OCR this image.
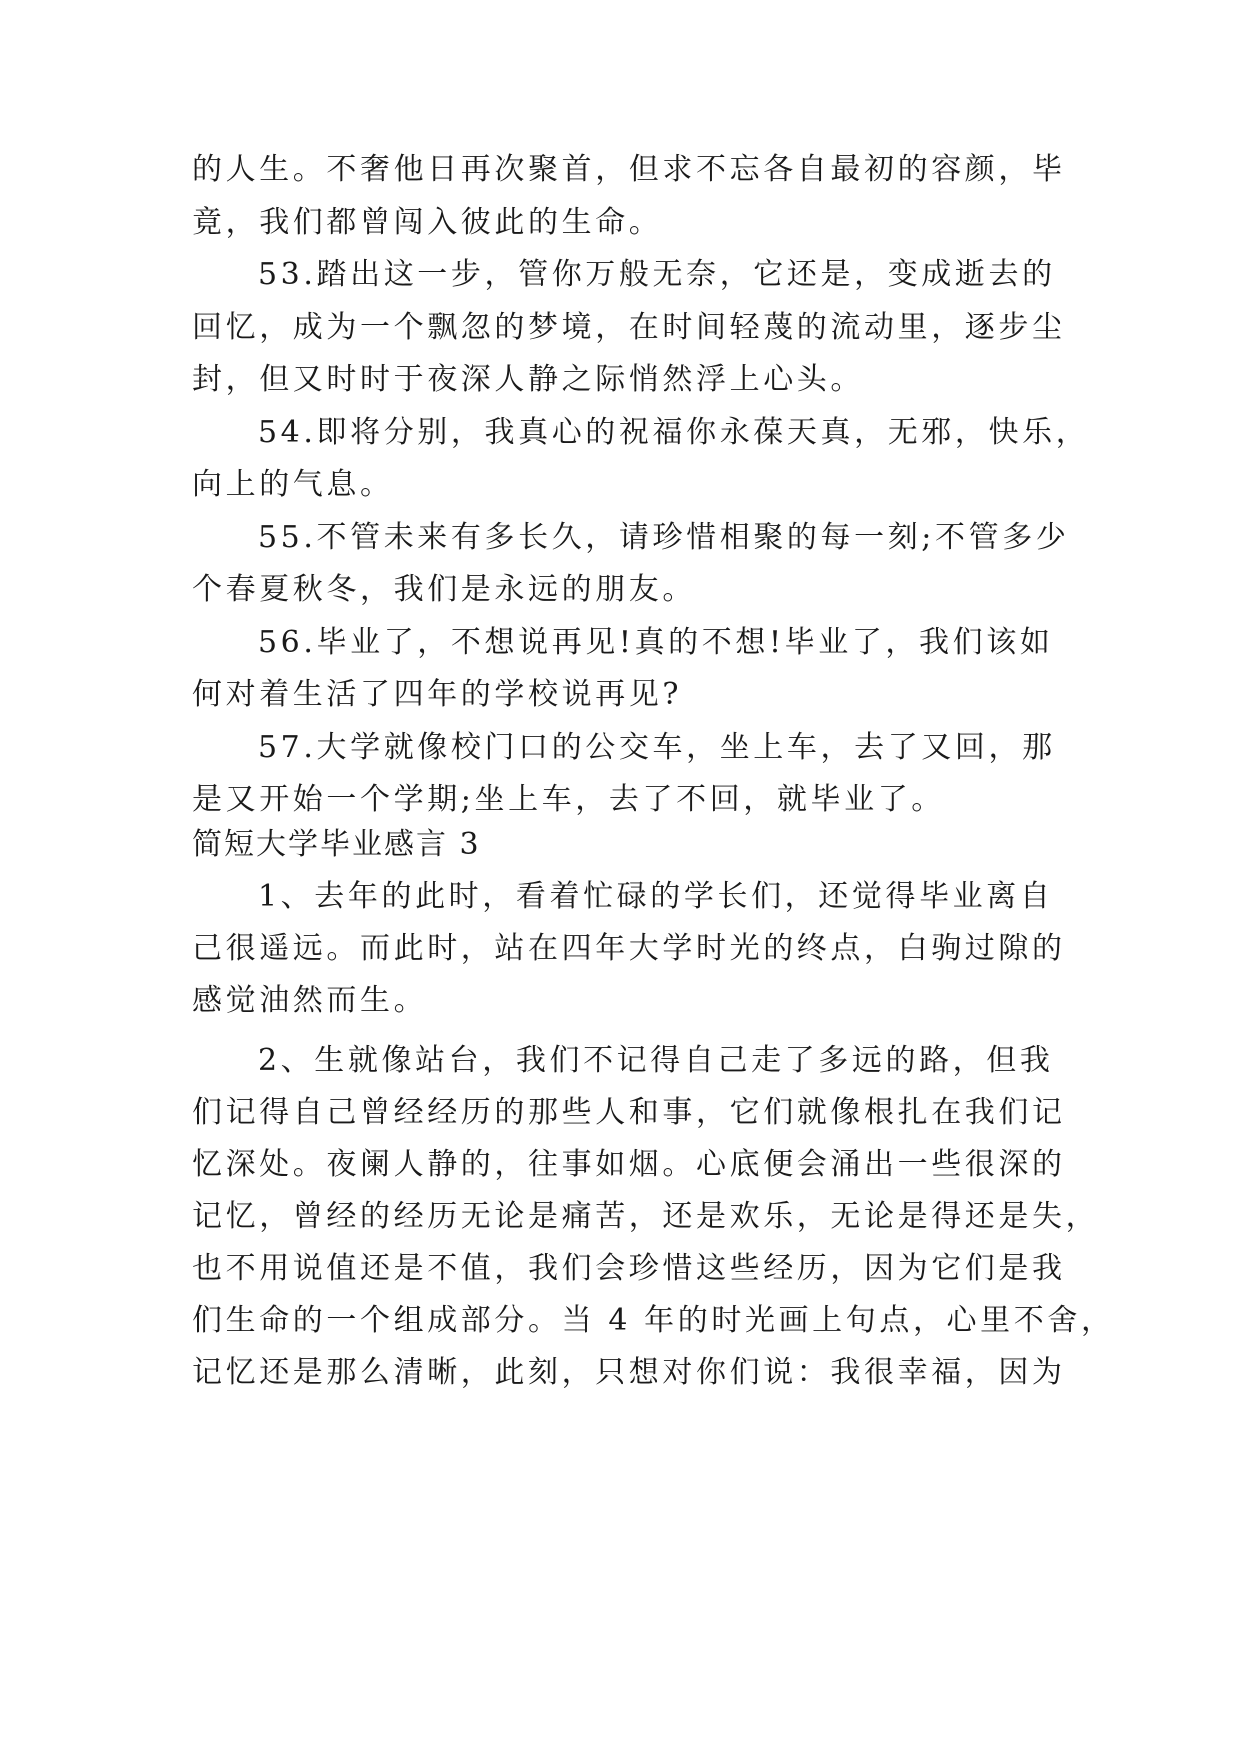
的人生。不奢他日再次聚首，但求不忘各自最初的容颜，毕
竟，我们都曾闯入彼此的生命。
53.踏出这一步，管你万般无奈，它还是，变成逝去的
回忆，成为一个飘忽的梦境，在时间轻蔑的流动里，逐步尘
封，但又时时于夜深人静之际悄然浮上心头。
54.即将分别，我真心的祝福你永葆天真，无邪，快乐，
向上的气息。
55.不管未来有多长久，请珍惜相聚的每一刻;不管多少
个春夏秋冬，我们是永远的朋友。
56.毕业了，不想说再见!真的不想!毕业了，我们该如
何对着生活了四年的学校说再见?
57.大学就像校门口的公交车，坐上车，去了又回，那
是又开始一个学期;坐上车，去了不回，就毕业了。
简短大学毕业感言 3
1、去年的此时，看着忙碌的学长们，还觉得毕业离自
己很遥远。而此时，站在四年大学时光的终点，白驹过隙的
感觉油然而生。
2、生就像站台，我们不记得自己走了多远的路，但我
们记得自己曾经经历的那些人和事，它们就像根扎在我们记
忆深处。夜阑人静的，往事如烟。心底便会涌出一些很深的
记忆，曾经的经历无论是痛苦，还是欢乐，无论是得还是失，
也不用说值还是不值，我们会珍惜这些经历，因为它们是我
们生命的一个组成部分。当 4 年的时光画上句点，心里不舍，
记忆还是那么清晰，此刻，只想对你们说：我很幸福，因为
